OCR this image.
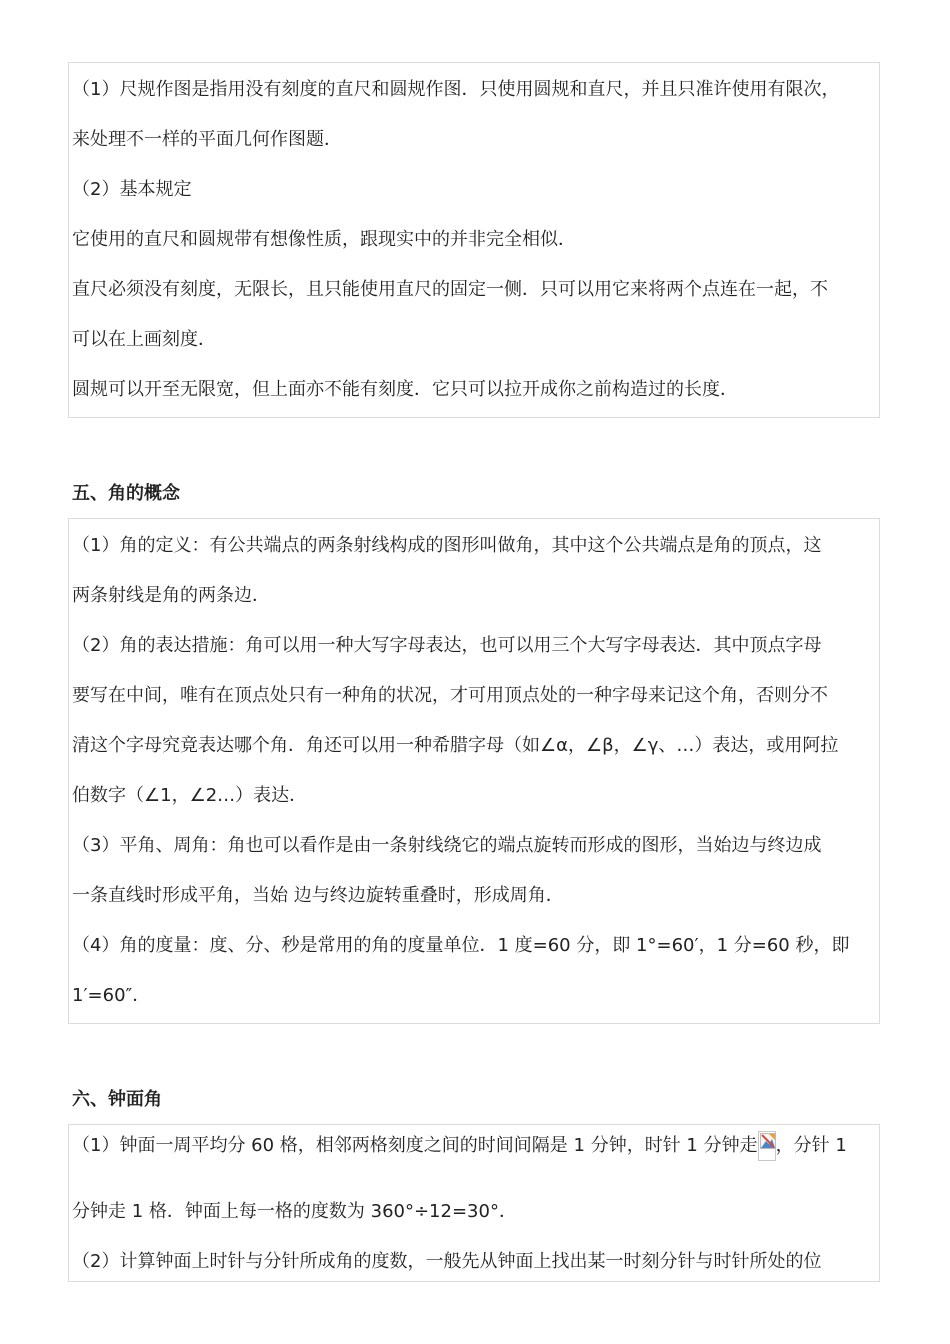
（1）尺规作图是指用没有刻度的直尺和圆规作图．只使用圆规和直尺，并且只准许使用有限次，
来处理不一样的平面几何作图题．
（2）基本规定
它使用的直尺和圆规带有想像性质，跟现实中的并非完全相似．
直尺必须没有刻度，无限长，且只能使用直尺的固定一侧．只可以用它来将两个点连在一起，不
可以在上画刻度．
圆规可以开至无限宽，但上面亦不能有刻度．它只可以拉开成你之前构造过的长度．
五、角的概念
（1）角的定义：有公共端点的两条射线构成的图形叫做角，其中这个公共端点是角的顶点，这
两条射线是角的两条边．
（2）角的表达措施：角可以用一种大写字母表达，也可以用三个大写字母表达．其中顶点字母
要写在中间，唯有在顶点处只有一种角的状况，才可用顶点处的一种字母来记这个角，否则分不
清这个字母究竟表达哪个角．角还可以用一种希腊字母（如∠α，∠β，∠γ、…）表达，或用阿拉
伯数字（∠1，∠2…）表达．
（3）平角、周角：角也可以看作是由一条射线绕它的端点旋转而形成的图形，当始边与终边成
一条直线时形成平角，当始 边与终边旋转重叠时，形成周角．
（4）角的度量：度、分、秒是常用的角的度量单位．1 度=60 分，即 1°=60′，1 分=60 秒，即
1′=60″．
六、钟面角
（1）钟面一周平均分 60 格，相邻两格刻度之间的时间间隔是 1 分钟，时针 1 分钟走 ，分针 1
分钟走 1 格．钟面上每一格的度数为 360°÷12=30°．
（2）计算钟面上时针与分针所成角的度数，一般先从钟面上找出某一时刻分针与时针所处的位
